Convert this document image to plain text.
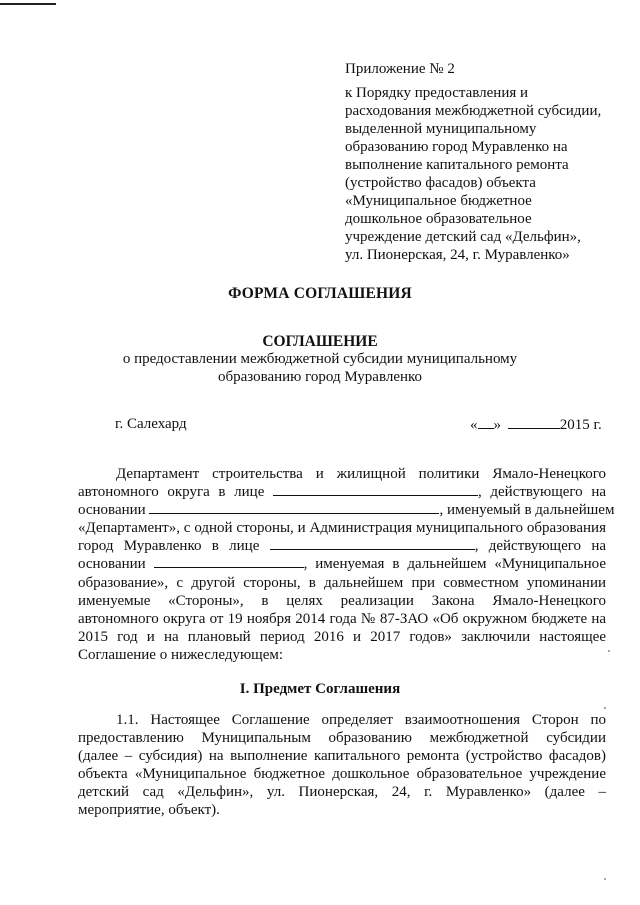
Приложение № 2
к Порядку предоставления и
расходования межбюджетной субсидии,
выделенной муниципальному
образованию город Муравленко на
выполнение капитального ремонта
(устройство фасадов) объекта
«Муниципальное бюджетное
дошкольное образовательное
учреждение детский сад «Дельфин»,
ул. Пионерская, 24, г. Муравленко»
ФОРМА СОГЛАШЕНИЯ
СОГЛАШЕНИЕ
о предоставлении межбюджетной субсидии муниципальному
образованию город Муравленко
г. Салехард	« »	2015 г.
Департамент строительства и жилищной политики Ямало-Ненецкого
автономного округа в лице	, действующего на
основании	, именуемый в дальнейшем
«Департамент», с одной стороны, и Администрация муниципального образования
город Муравленко в лице	, действующего на
основании	, именуемая в дальнейшем «Муниципальное
образование», с другой стороны, в дальнейшем при совместном упоминании
именуемые «Стороны», в целях реализации Закона Ямало-Ненецкого
автономного округа от 19 ноября 2014 года № 87-ЗАО «Об окружном бюджете на
2015 год и на плановый период 2016 и 2017 годов» заключили настоящее
Соглашение о нижеследующем:
I. Предмет Соглашения
1.1. Настоящее Соглашение определяет взаимоотношения Сторон по
предоставлению Муниципальным образованию межбюджетной субсидии
(далее – субсидия) на выполнение капитального ремонта (устройство фасадов)
объекта «Муниципальное бюджетное дошкольное образовательное учреждение
детский сад «Дельфин», ул. Пионерская, 24, г. Муравленко» (далее –
мероприятие, объект).
